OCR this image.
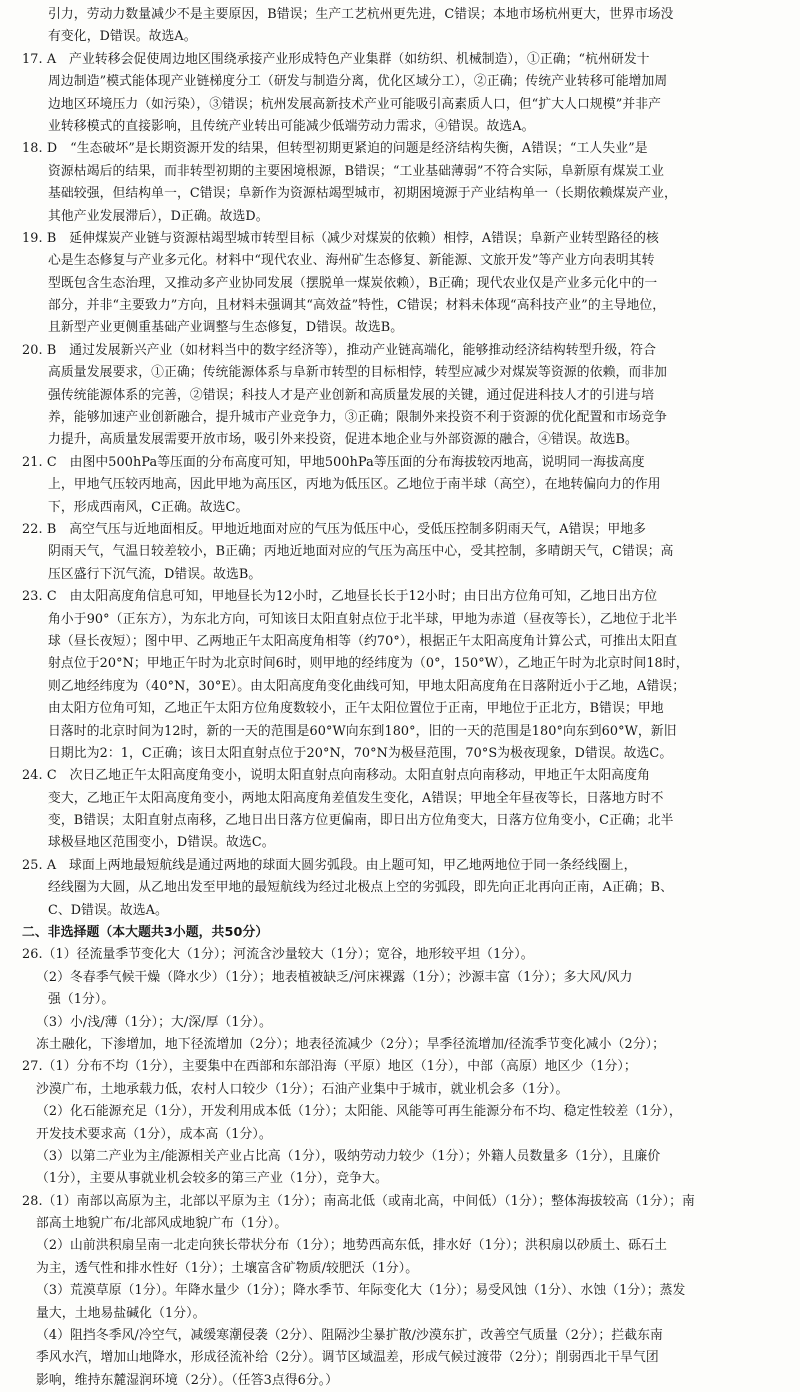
引力，劳动力数量减少不是主要原因，B错误；生产工艺杭州更先进，C错误；本地市场杭州更大，世界市场没
有变化，D错误。故选A。
17. A　产业转移会促使周边地区围绕承接产业形成特色产业集群（如纺织、机械制造），①正确；“杭州研发十
周边制造”模式能体现产业链梯度分工（研发与制造分离，优化区域分工），②正确；传统产业转移可能增加周
边地区环境压力（如污染），③错误；杭州发展高新技术产业可能吸引高素质人口，但“扩大人口规模”并非产
业转移模式的直接影响，且传统产业转出可能减少低端劳动力需求，④错误。故选A。
18. D　“生态破坏”是长期资源开发的结果，但转型初期更紧迫的问题是经济结构失衡，A错误；“工人失业”是
资源枯竭后的结果，而非转型初期的主要困境根源，B错误；“工业基础薄弱”不符合实际，阜新原有煤炭工业
基础较强，但结构单一，C错误；阜新作为资源枯竭型城市，初期困境源于产业结构单一（长期依赖煤炭产业，
其他产业发展滞后），D正确。故选D。
19. B　延伸煤炭产业链与资源枯竭型城市转型目标（减少对煤炭的依赖）相悖，A错误；阜新产业转型路径的核
心是生态修复与产业多元化。材料中“现代农业、海州矿生态修复、新能源、文旅开发”等产业方向表明其转
型既包含生态治理，又推动多产业协同发展（摆脱单一煤炭依赖），B正确；现代农业仅是产业多元化中的一
部分，并非“主要致力”方向，且材料未强调其“高效益”特性，C错误；材料未体现“高科技产业”的主导地位，
且新型产业更侧重基础产业调整与生态修复，D错误。故选B。
20. B　通过发展新兴产业（如材料当中的数字经济等），推动产业链高端化，能够推动经济结构转型升级，符合
高质量发展要求，①正确；传统能源体系与阜新市转型的目标相悖，转型应减少对煤炭等资源的依赖，而非加
强传统能源体系的完善，②错误；科技人才是产业创新和高质量发展的关键，通过促进科技人才的引进与培
养，能够加速产业创新融合，提升城市产业竞争力，③正确；限制外来投资不利于资源的优化配置和市场竞争
力提升，高质量发展需要开放市场，吸引外来投资，促进本地企业与外部资源的融合，④错误。故选B。
21. C　由图中500hPa等压面的分布高度可知，甲地500hPa等压面的分布海拔较丙地高，说明同一海拔高度
上，甲地气压较丙地高，因此甲地为高压区，丙地为低压区。乙地位于南半球（高空），在地转偏向力的作用
下，形成西南风，C正确。故选C。
22. B　高空气压与近地面相反。甲地近地面对应的气压为低压中心，受低压控制多阴雨天气，A错误；甲地多
阴雨天气，气温日较差较小，B正确；丙地近地面对应的气压为高压中心，受其控制，多晴朗天气，C错误；高
压区盛行下沉气流，D错误。故选B。
23. C　由太阳高度角信息可知，甲地昼长为12小时，乙地昼长长于12小时；由日出方位角可知，乙地日出方位
角小于90°（正东方），为东北方向，可知该日太阳直射点位于北半球，甲地为赤道（昼夜等长），乙地位于北半
球（昼长夜短）；图中甲、乙两地正午太阳高度角相等（约70°），根据正午太阳高度角计算公式，可推出太阳直
射点位于20°N；甲地正午时为北京时间6时，则甲地的经纬度为（0°，150°W），乙地正午时为北京时间18时，
则乙地经纬度为（40°N，30°E）。由太阳高度角变化曲线可知，甲地太阳高度角在日落附近小于乙地，A错误；
由太阳方位角可知，乙地正午太阳方位角度数较小，正午太阳位置位于正南，甲地位于正北方，B错误；甲地
日落时的北京时间为12时，新的一天的范围是60°W向东到180°，旧的一天的范围是180°向东到60°W，新旧
日期比为2：1，C正确；该日太阳直射点位于20°N，70°N为极昼范围，70°S为极夜现象，D错误。故选C。
24. C　次日乙地正午太阳高度角变小，说明太阳直射点向南移动。太阳直射点向南移动，甲地正午太阳高度角
变大，乙地正午太阳高度角变小，两地太阳高度角差值发生变化，A错误；甲地全年昼夜等长，日落地方时不
变，B错误；太阳直射点南移，乙地日出日落方位更偏南，即日出方位角变大，日落方位角变小，C正确；北半
球极昼地区范围变小，D错误。故选C。
25. A　球面上两地最短航线是通过两地的球面大圆劣弧段。由上题可知，甲乙地两地位于同一条经线圈上，
经线圈为大圆，从乙地出发至甲地的最短航线为经过北极点上空的劣弧段，即先向正北再向正南，A正确；B、
C、D错误。故选A。
二、非选择题（本大题共3小题，共50分）
26.（1）径流量季节变化大（1分）；河流含沙量较大（1分）；宽谷，地形较平坦（1分）。
（2）冬春季气候干燥（降水少）（1分）；地表植被缺乏/河床裸露（1分）；沙源丰富（1分）；多大风/风力
强（1分）。
（3）小/浅/薄（1分）；大/深/厚（1分）。
冻土融化，下渗增加，地下径流增加（2分）；地表径流减少（2分）；旱季径流增加/径流季节变化减小（2分）；
27.（1）分布不均（1分），主要集中在西部和东部沿海（平原）地区（1分），中部（高原）地区少（1分）；
沙漠广布，土地承载力低，农村人口较少（1分）；石油产业集中于城市，就业机会多（1分）。
（2）化石能源充足（1分），开发利用成本低（1分）；太阳能、风能等可再生能源分布不均、稳定性较差（1分），
开发技术要求高（1分），成本高（1分）。
（3）以第二产业为主/能源相关产业占比高（1分），吸纳劳动力较少（1分）；外籍人员数量多（1分），且廉价
（1分），主要从事就业机会较多的第三产业（1分），竞争大。
28.（1）南部以高原为主，北部以平原为主（1分）；南高北低（或南北高，中间低）（1分）；整体海拔较高（1分）；南
部高土地貌广布/北部风成地貌广布（1分）。
（2）山前洪积扇呈南一北走向狭长带状分布（1分）；地势西高东低，排水好（1分）；洪积扇以砂质土、砾石土
为主，透气性和排水性好（1分）；土壤富含矿物质/较肥沃（1分）。
（3）荒漠草原（1分）。年降水量少（1分）；降水季节、年际变化大（1分）；易受风蚀（1分）、水蚀（1分）；蒸发
量大，土地易盐碱化（1分）。
（4）阻挡冬季风/冷空气，减缓寒潮侵袭（2分）、阻隔沙尘暴扩散/沙漠东扩，改善空气质量（2分）；拦截东南
季风水汽，增加山地降水，形成径流补给（2分）。调节区域温差，形成气候过渡带（2分）；削弱西北干旱气团
影响，维持东麓湿润环境（2分）。（任答3点得6分。）
